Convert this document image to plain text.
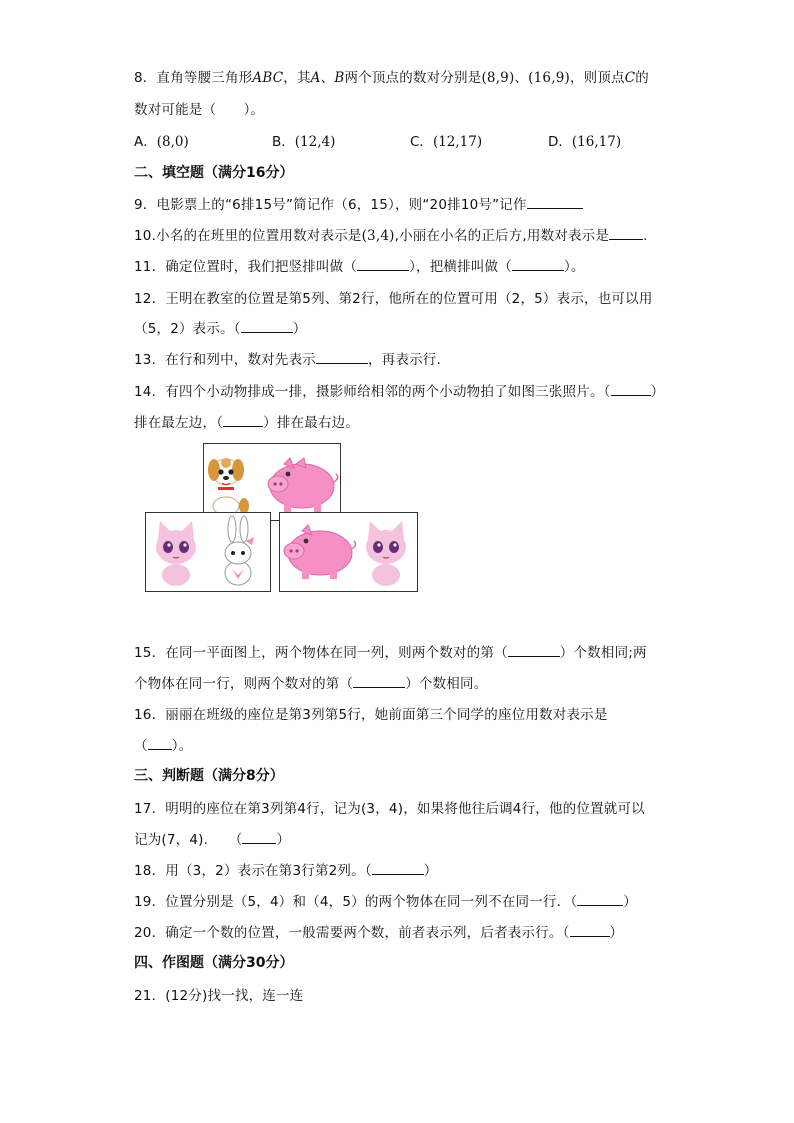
8．直角等腰三角形ABC，其A、B两个顶点的数对分别是(8,9)、(16,9)，则顶点C的
数对可能是（　　）。
A．(8,0)	B．(12,4)	C．(12,17)	D．(16,17)
二、填空题（满分16分）
9．电影票上的“6排15号”简记作（6，15），则“20排10号”记作
10.小名的在班里的位置用数对表示是(3,4),小丽在小名的正后方,用数对表示是	.
11．确定位置时，我们把竖排叫做（	），把横排叫做（	）。
12．王明在教室的位置是第5列、第2行，他所在的位置可用（2，5）表示，也可以用
（5，2）表示。（	）
13．在行和列中，数对先表示	，再表示行.
14．有四个小动物排成一排，摄影师给相邻的两个小动物拍了如图三张照片。（	）
排在最左边，（	）排在最右边。
15．在同一平面图上，两个物体在同一列，则两个数对的第（	）个数相同;两
个物体在同一行，则两个数对的第（	）个数相同。
16．丽丽在班级的座位是第3列第5行，她前面第三个同学的座位用数对表示是
（ ）。
三、判断题（满分8分）
17．明明的座位在第3列第4行，记为(3，4)，如果将他往后调4行，他的位置就可以
记为(7，4).　　（	）
18．用（3，2）表示在第3行第2列。（	）
19．位置分别是（5，4）和（4，5）的两个物体在同一列不在同一行．（	）
20．确定一个数的位置，一般需要两个数，前者表示列，后者表示行。（	）
四、作图题（满分30分）
21．(12分)找一找，连一连
